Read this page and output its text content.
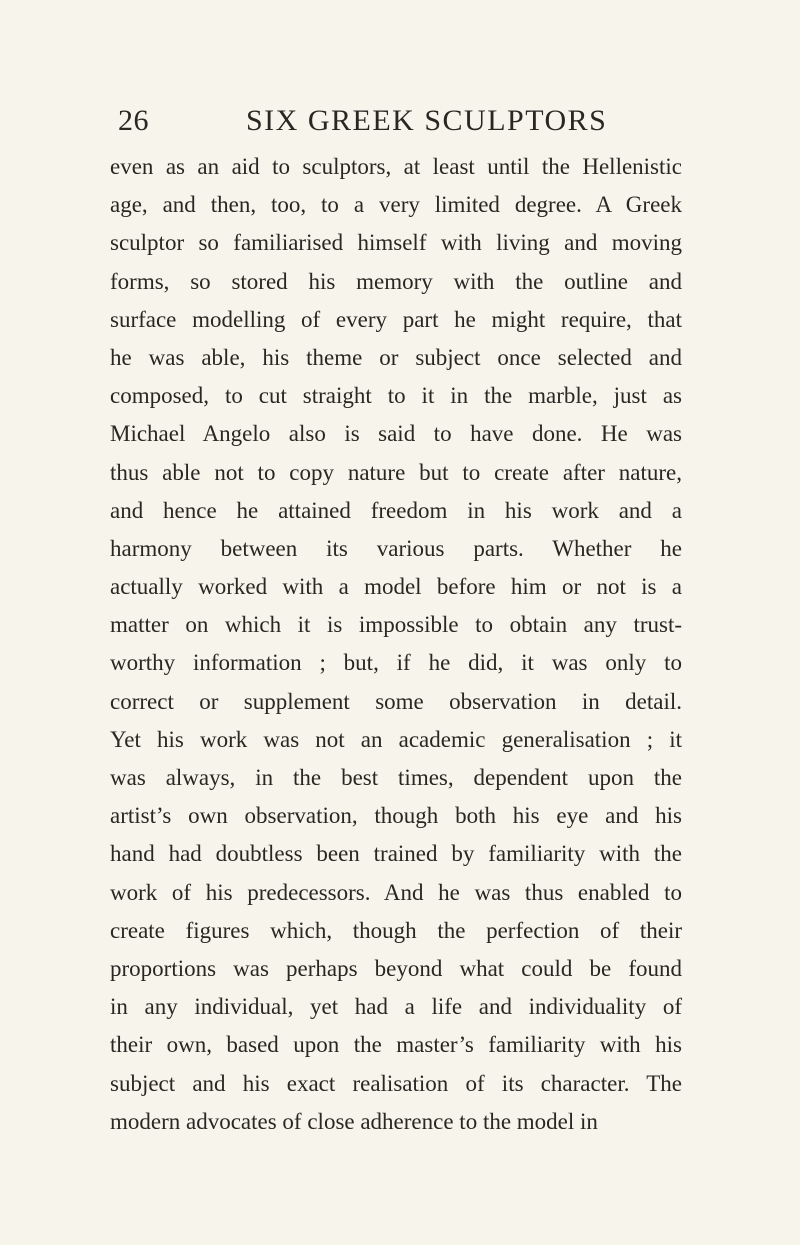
26	SIX GREEK SCULPTORS
even as an aid to sculptors, at least until the Hellenistic
age, and then, too, to a very limited degree. A Greek
sculptor so familiarised himself with living and moving
forms, so stored his memory with the outline and
surface modelling of every part he might require, that
he was able, his theme or subject once selected and
composed, to cut straight to it in the marble, just as
Michael Angelo also is said to have done. He was
thus able not to copy nature but to create after nature,
and hence he attained freedom in his work and a
harmony between its various parts. Whether he
actually worked with a model before him or not is a
matter on which it is impossible to obtain any trust-
worthy information ; but, if he did, it was only to
correct or supplement some observation in detail.
Yet his work was not an academic generalisation ; it
was always, in the best times, dependent upon the
artist’s own observation, though both his eye and his
hand had doubtless been trained by familiarity with the
work of his predecessors. And he was thus enabled to
create figures which, though the perfection of their
proportions was perhaps beyond what could be found
in any individual, yet had a life and individuality of
their own, based upon the master’s familiarity with his
subject and his exact realisation of its character. The
modern advocates of close adherence to the model in
